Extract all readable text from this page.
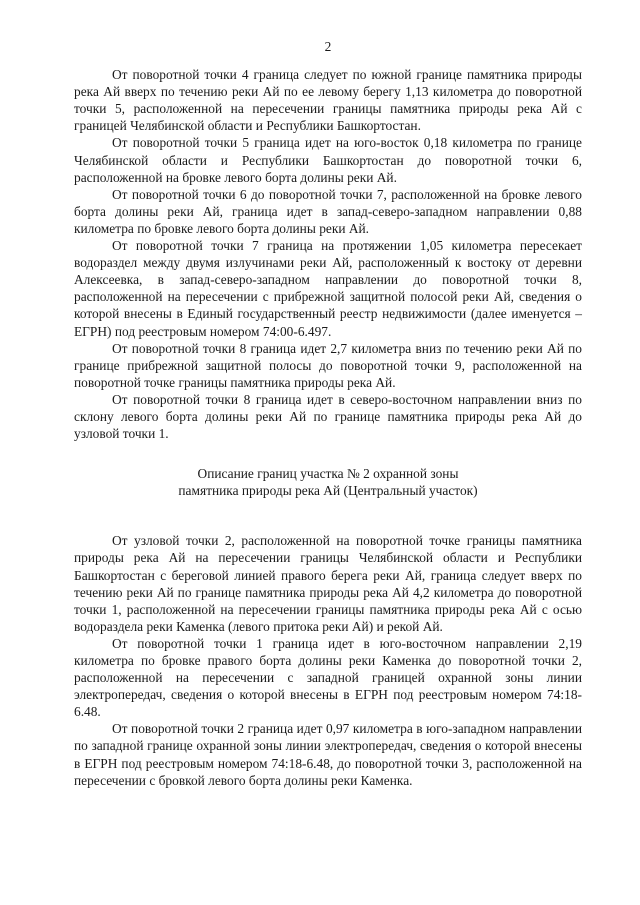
2

От поворотной точки 4 граница следует по южной границе памятника природы река Ай вверх по течению реки Ай по ее левому берегу 1,13 километра до поворотной точки 5, расположенной на пересечении границы памятника природы река Ай с границей Челябинской области и Республики Башкортостан.

От поворотной точки 5 граница идет на юго-восток 0,18 километра по границе Челябинской области и Республики Башкортостан до поворотной точки 6, расположенной на бровке левого борта долины реки Ай.

От поворотной точки 6 до поворотной точки 7, расположенной на бровке левого борта долины реки Ай, граница идет в запад-северо-западном направлении 0,88 километра по бровке левого борта долины реки Ай.

От поворотной точки 7 граница на протяжении 1,05 километра пересекает водораздел между двумя излучинами реки Ай, расположенный к востоку от деревни Алексеевка, в запад-северо-западном направлении до поворотной точки 8, расположенной на пересечении с прибрежной защитной полосой реки Ай, сведения о которой внесены в Единый государственный реестр недвижимости (далее именуется – ЕГРН) под реестровым номером 74:00-6.497.

От поворотной точки 8 граница идет 2,7 километра вниз по течению реки Ай по границе прибрежной защитной полосы до поворотной точки 9, расположенной на поворотной точке границы памятника природы река Ай.

От поворотной точки 8 граница идет в северо-восточном направлении вниз по склону левого борта долины реки Ай по границе памятника природы река Ай до узловой точки 1.

Описание границ участка № 2 охранной зоны
памятника природы река Ай (Центральный участок)

От узловой точки 2, расположенной на поворотной точке границы памятника природы река Ай на пересечении границы Челябинской области и Республики Башкортостан с береговой линией правого берега реки Ай, граница следует вверх по течению реки Ай по границе памятника природы река Ай 4,2 километра до поворотной точки 1, расположенной на пересечении границы памятника природы река Ай с осью водораздела реки Каменка (левого притока реки Ай) и рекой Ай.

От поворотной точки 1 граница идет в юго-восточном направлении 2,19 километра по бровке правого борта долины реки Каменка до поворотной точки 2, расположенной на пересечении с западной границей охранной зоны линии электропередач, сведения о которой внесены в ЕГРН под реестровым номером 74:18-6.48.

От поворотной точки 2 граница идет 0,97 километра в юго-западном направлении по западной границе охранной зоны линии электропередач, сведения о которой внесены в ЕГРН под реестровым номером 74:18-6.48, до поворотной точки 3, расположенной на пересечении с бровкой левого борта долины реки Каменка.
